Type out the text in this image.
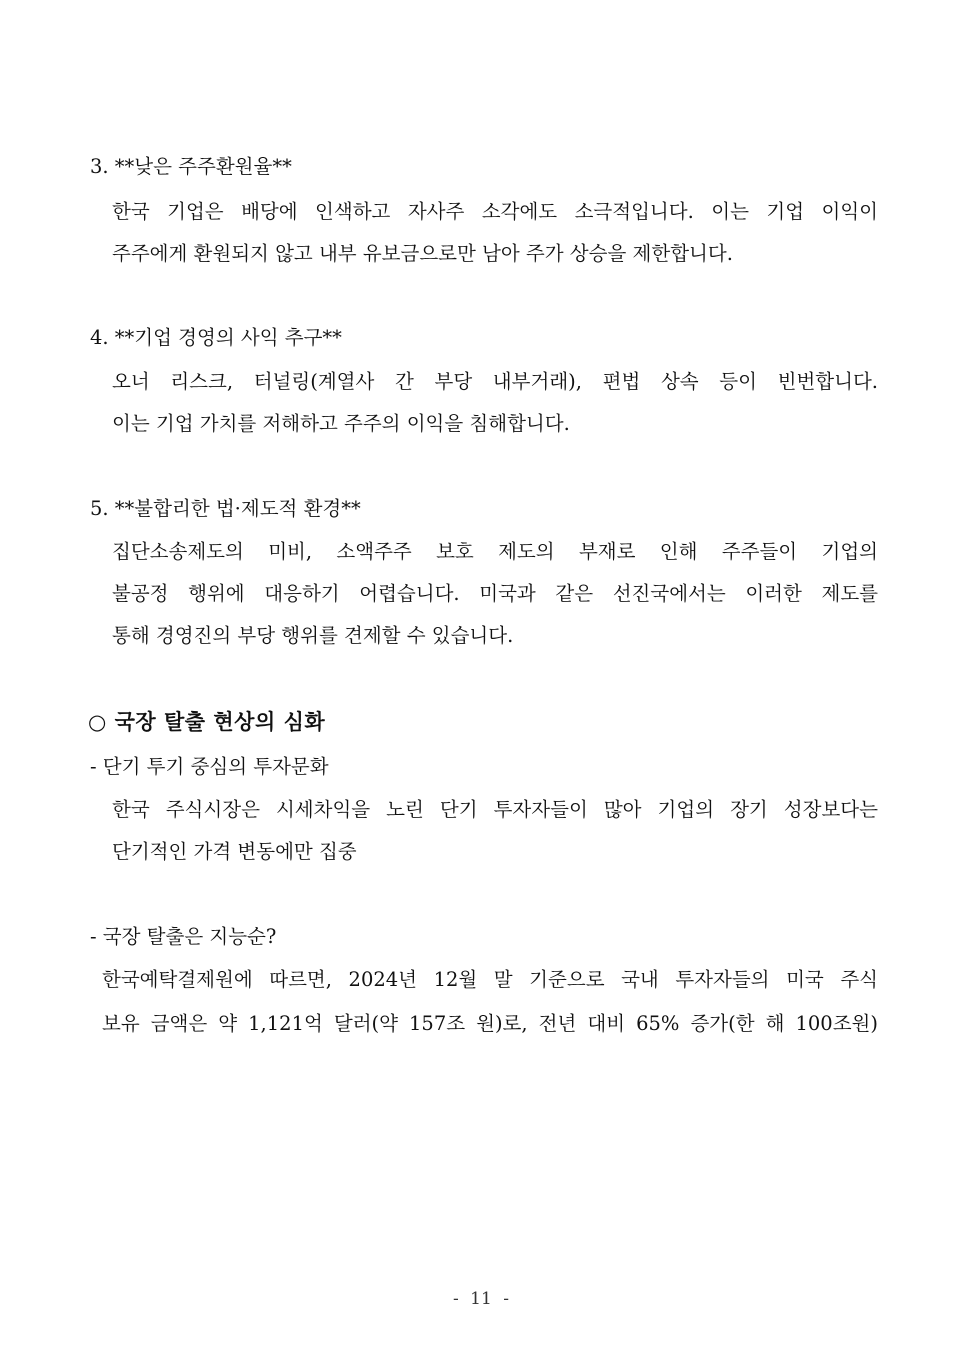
3. **낮은 주주환원율**
한국 기업은 배당에 인색하고 자사주 소각에도 소극적입니다. 이는 기업 이익이
주주에게 환원되지 않고 내부 유보금으로만 남아 주가 상승을 제한합니다.
4. **기업 경영의 사익 추구**
오너 리스크, 터널링(계열사 간 부당 내부거래), 편법 상속 등이 빈번합니다.
이는 기업 가치를 저해하고 주주의 이익을 침해합니다.
5. **불합리한 법·제도적 환경**
집단소송제도의 미비, 소액주주 보호 제도의 부재로 인해 주주들이 기업의
불공정 행위에 대응하기 어렵습니다. 미국과 같은 선진국에서는 이러한 제도를
통해 경영진의 부당 행위를 견제할 수 있습니다.
○ 국장 탈출 현상의 심화
- 단기 투기 중심의 투자문화
한국 주식시장은 시세차익을 노린 단기 투자자들이 많아 기업의 장기 성장보다는
단기적인 가격 변동에만 집중
- 국장 탈출은 지능순?
한국예탁결제원에 따르면, 2024년 12월 말 기준으로 국내 투자자들의 미국 주식
보유 금액은 약 1,121억 달러(약 157조 원)로, 전년 대비 65% 증가(한 해 100조원)
- 11 -
